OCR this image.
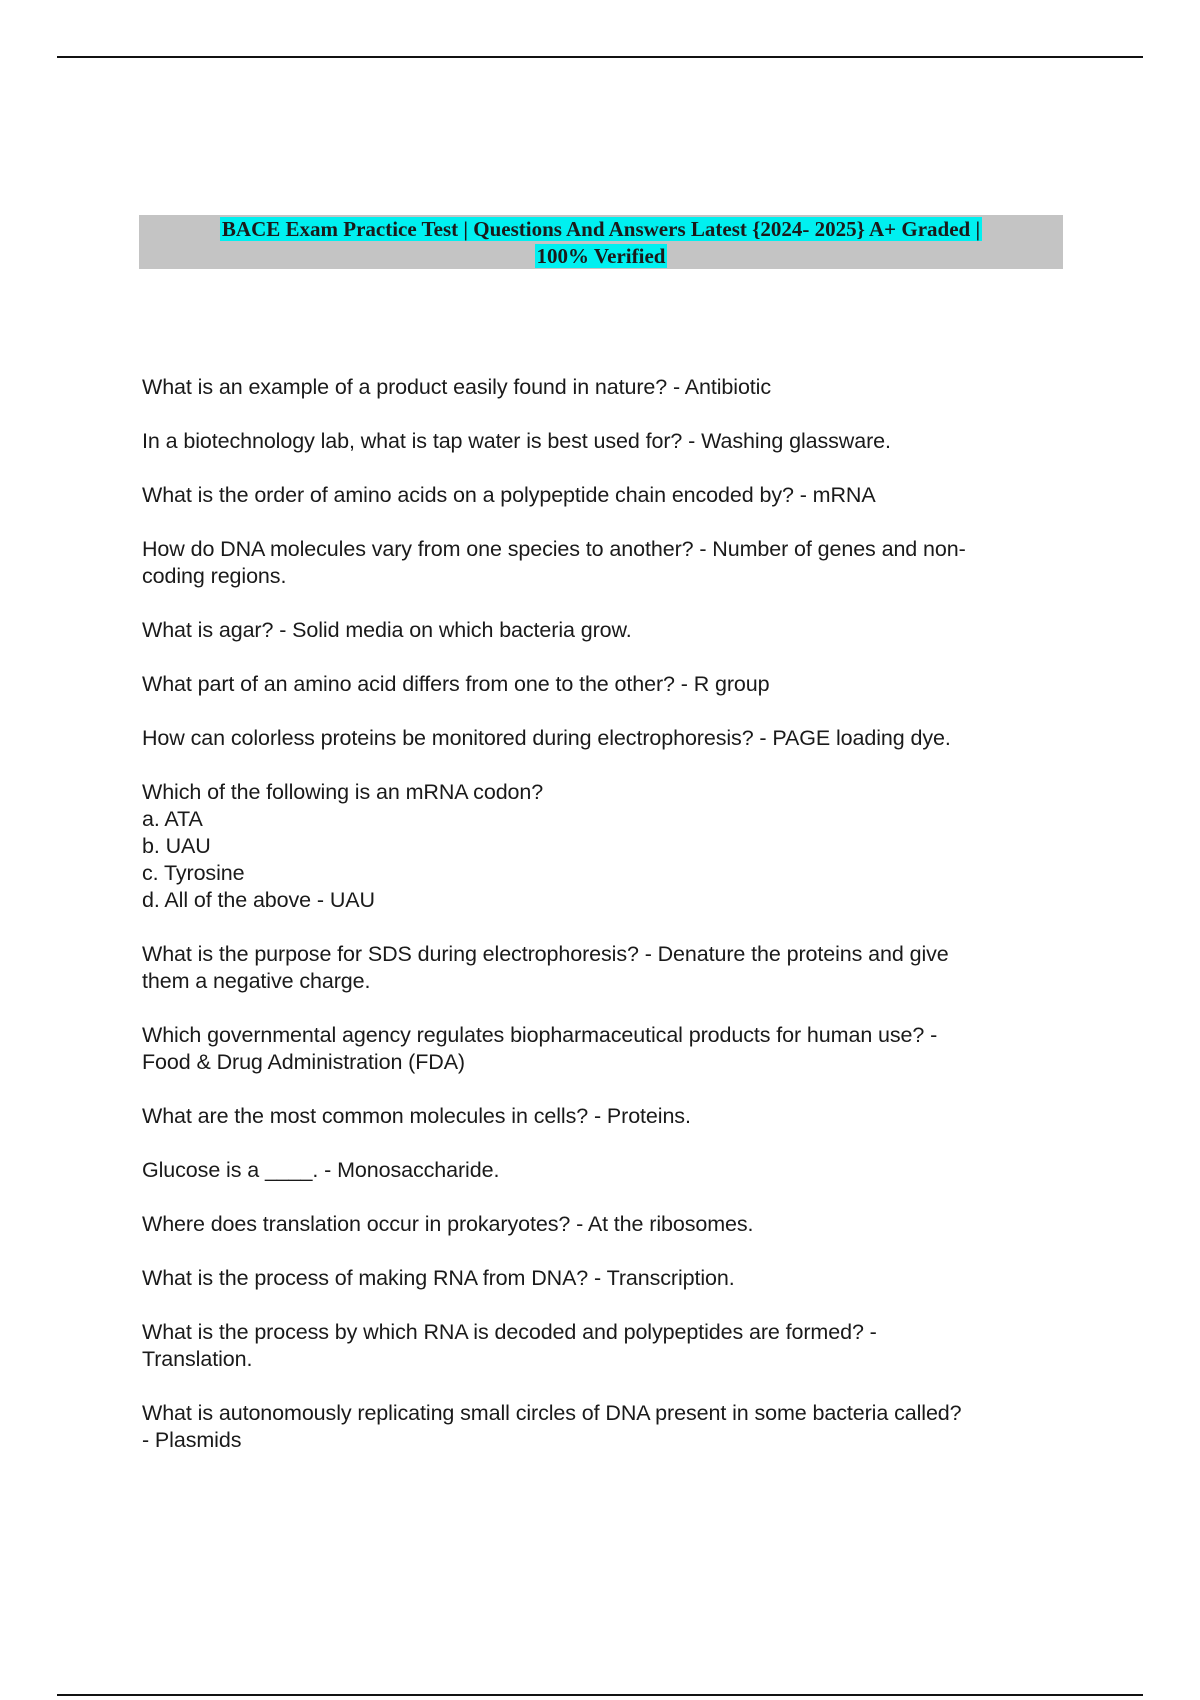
BACE Exam Practice Test | Questions And Answers Latest {2024- 2025} A+ Graded |
100% Verified
What is an example of a product easily found in nature? - Antibiotic
In a biotechnology lab, what is tap water is best used for? - Washing glassware.
What is the order of amino acids on a polypeptide chain encoded by? - mRNA
How do DNA molecules vary from one species to another? - Number of genes and non-
coding regions.
What is agar? - Solid media on which bacteria grow.
What part of an amino acid differs from one to the other? - R group
How can colorless proteins be monitored during electrophoresis? - PAGE loading dye.
Which of the following is an mRNA codon?
a. ATA
b. UAU
c. Tyrosine
d. All of the above - UAU
What is the purpose for SDS during electrophoresis? - Denature the proteins and give
them a negative charge.
Which governmental agency regulates biopharmaceutical products for human use? -
Food & Drug Administration (FDA)
What are the most common molecules in cells? - Proteins.
Glucose is a ____. - Monosaccharide.
Where does translation occur in prokaryotes? - At the ribosomes.
What is the process of making RNA from DNA? - Transcription.
What is the process by which RNA is decoded and polypeptides are formed? -
Translation.
What is autonomously replicating small circles of DNA present in some bacteria called?
- Plasmids
